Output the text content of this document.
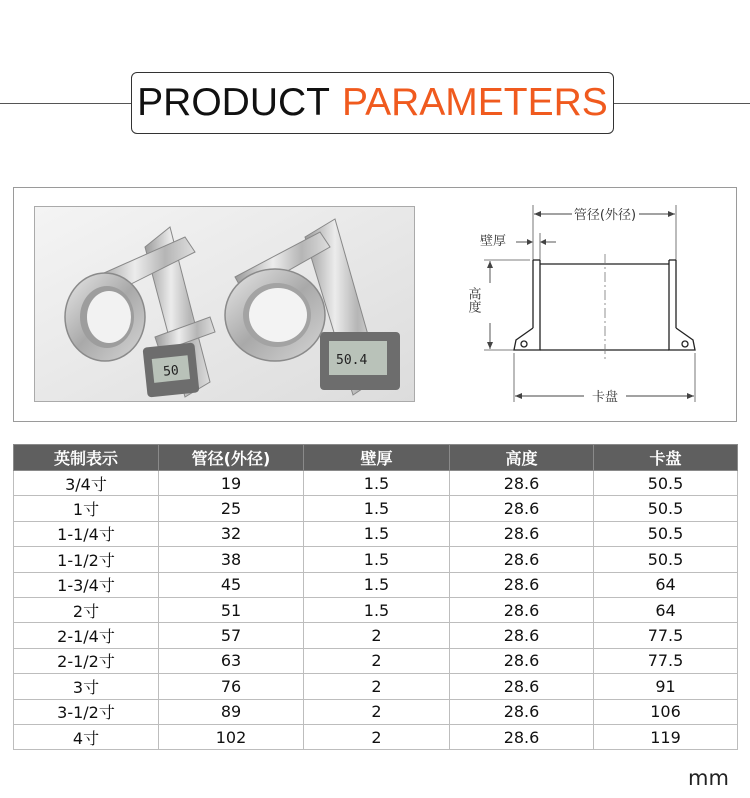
PRODUCT PARAMETERS
50
50.4
管径(外径)
壁厚
高度
卡盘
英制表示	管径(外径)	壁厚	高度	卡盘
3/4寸	19	1.5	28.6	50.5
1寸	25	1.5	28.6	50.5
1-1/4寸	32	1.5	28.6	50.5
1-1/2寸	38	1.5	28.6	50.5
1-3/4寸	45	1.5	28.6	64
2寸	51	1.5	28.6	64
2-1/4寸	57	2	28.6	77.5
2-1/2寸	63	2	28.6	77.5
3寸	76	2	28.6	91
3-1/2寸	89	2	28.6	106
4寸	102	2	28.6	119
mm
